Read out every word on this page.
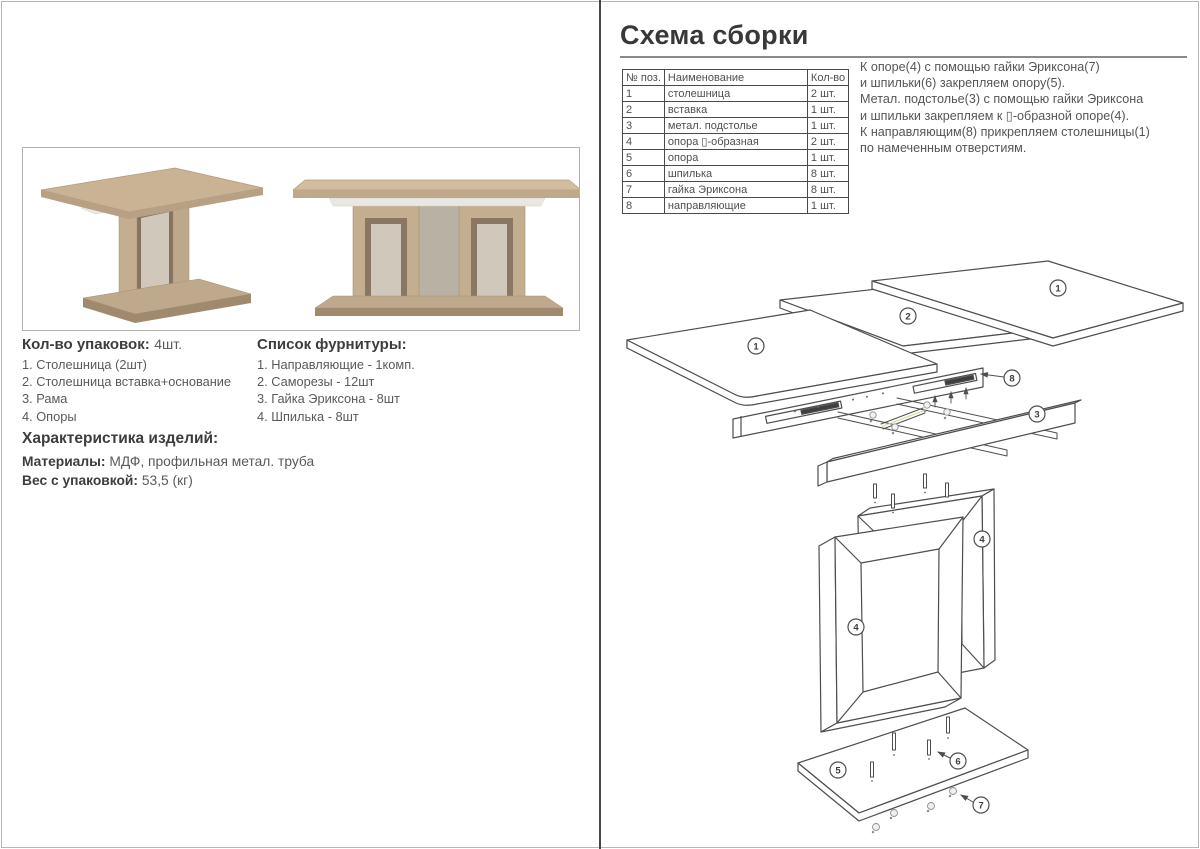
Кол-во упаковок: 4шт.
1. Столешница (2шт)
2. Столешница вставка+основание
3. Рама
4. Опоры
Список фурнитуры:
1. Направляющие - 1комп.
2. Саморезы - 12шт
3. Гайка Эриксона - 8шт
4. Шпилька - 8шт
Характеристика изделий:
Материалы: МДФ, профильная метал. труба
Вес с упаковкой: 53,5 (кг)
Схема сборки
№ поз.	Наименование	Кол-во
1	столешница	2 шт.
2	вставка	1 шт.
3	метал. подстолье	1 шт.
4	опора ▯-образная	2 шт.
5	опора	1 шт.
6	шпилька	8 шт.
7	гайка Эриксона	8 шт.
8	направляющие	1 шт.
К опоре(4) с помощью гайки Эриксона(7)
и шпильки(6) закрепляем опору(5).
Метал. подстолье(3) с помощью гайки Эриксона
и шпильки закрепляем к ▯-образной опоре(4).
К направляющим(8) прикрепляем столешницы(1)
по намеченным отверстиям.
1
2
1
8
3
4
4
5
6
7
